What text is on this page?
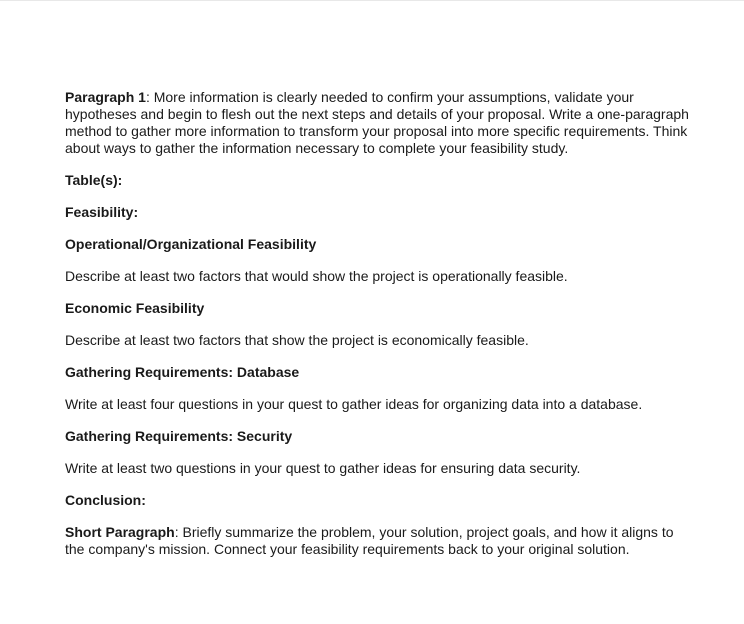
Paragraph 1: More information is clearly needed to confirm your assumptions, validate your hypotheses and begin to flesh out the next steps and details of your proposal. Write a one-paragraph method to gather more information to transform your proposal into more specific requirements. Think about ways to gather the information necessary to complete your feasibility study.

Table(s):

Feasibility:

Operational/Organizational Feasibility

Describe at least two factors that would show the project is operationally feasible.

Economic Feasibility

Describe at least two factors that show the project is economically feasible.

Gathering Requirements: Database

Write at least four questions in your quest to gather ideas for organizing data into a database.

Gathering Requirements: Security

Write at least two questions in your quest to gather ideas for ensuring data security.

Conclusion:

Short Paragraph: Briefly summarize the problem, your solution, project goals, and how it aligns to the company's mission. Connect your feasibility requirements back to your original solution.
